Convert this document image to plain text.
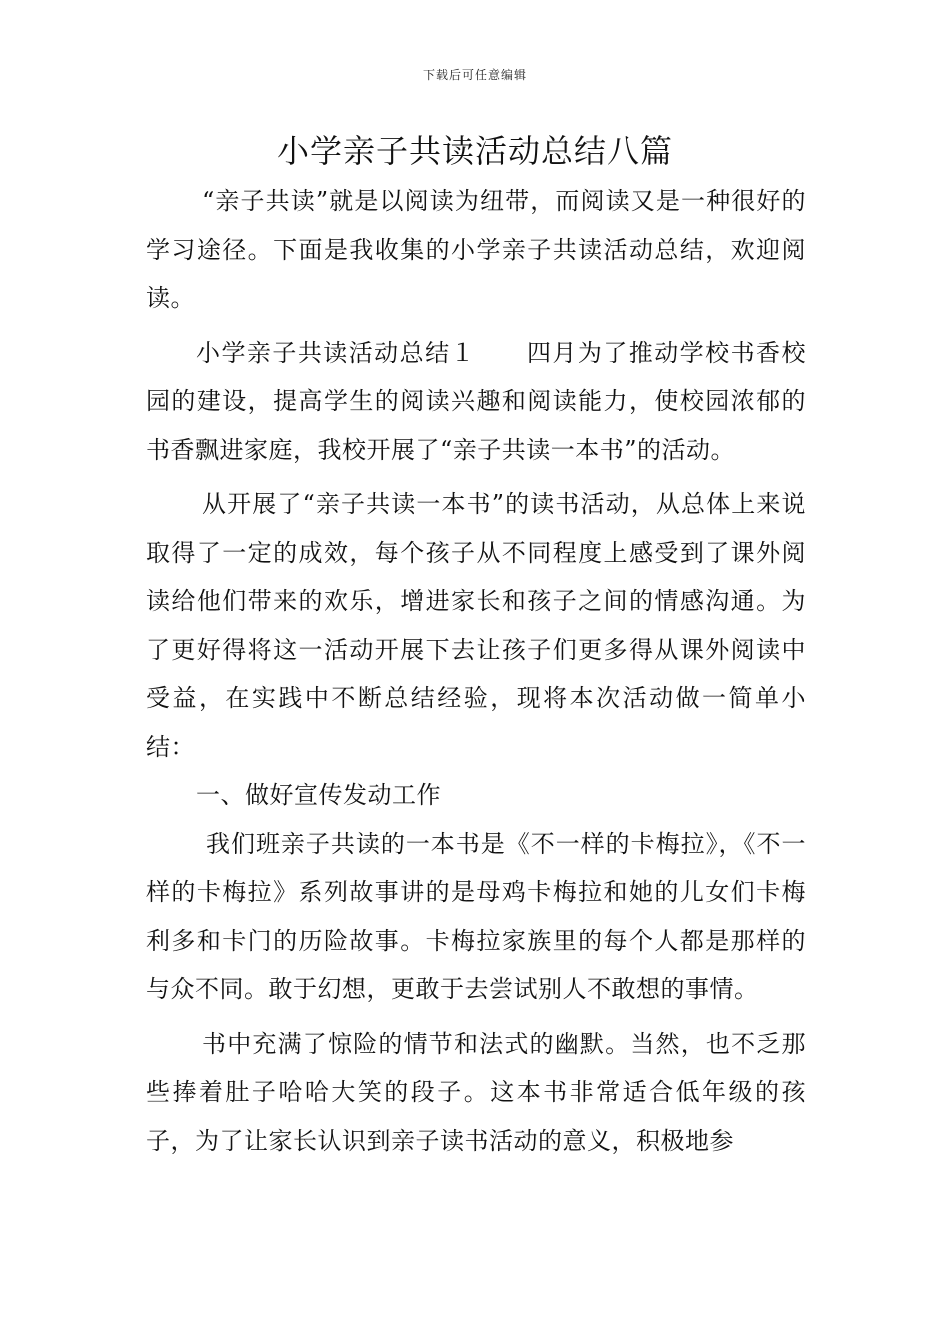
下载后可任意编辑
小学亲子共读活动总结八篇

“亲子共读”就是以阅读为纽带，而阅读又是一种很好的学习途径。下面是我收集的小学亲子共读活动总结，欢迎阅读。

小学亲子共读活动总结１ 四月为了推动学校书香校园的建设，提高学生的阅读兴趣和阅读能力，使校园浓郁的书香飘进家庭，我校开展了“亲子共读一本书”的活动。

从开展了“亲子共读一本书”的读书活动，从总体上来说取得了一定的成效，每个孩子从不同程度上感受到了课外阅读给他们带来的欢乐，增进家长和孩子之间的情感沟通。为了更好得将这一活动开展下去让孩子们更多得从课外阅读中受益，在实践中不断总结经验，现将本次活动做一简单小结：

一、做好宣传发动工作

我们班亲子共读的一本书是《不一样的卡梅拉》，《不一样的卡梅拉》系列故事讲的是母鸡卡梅拉和她的儿女们卡梅利多和卡门的历险故事。卡梅拉家族里的每个人都是那样的与众不同。敢于幻想，更敢于去尝试别人不敢想的事情。

书中充满了惊险的情节和法式的幽默。当然，也不乏那些捧着肚子哈哈大笑的段子。这本书非常适合低年级的孩子，为了让家长认识到亲子读书活动的意义，积极地参
